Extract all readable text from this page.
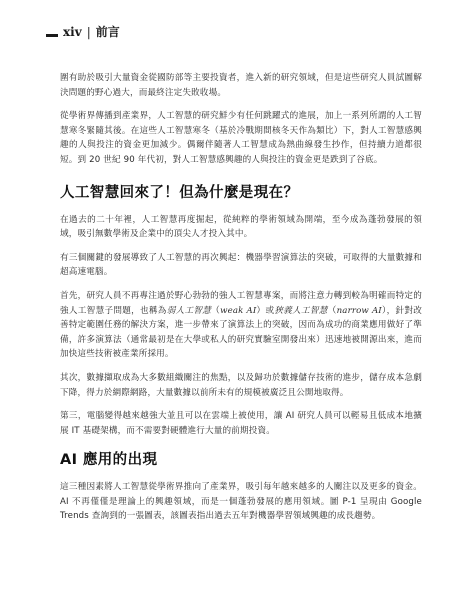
xiv | 前言

圍有助於吸引大量資金從國防部等主要投資者，進入新的研究領域，但是這些研究人員試圖解決問題的野心過大，而最終注定失敗收場。

從學術界傳播到產業界，人工智慧的研究鮮少有任何跳躍式的進展，加上一系列所謂的人工智慧寒冬緊隨其後。在這些人工智慧寒冬（基於冷戰期間核冬天作為類比）下，對人工智慧感興趣的人與投注的資金更加減少。偶爾伴隨著人工智慧成為熱曲線發生抄作，但持續力道都很短。到 20 世紀 90 年代初，對人工智慧感興趣的人與投注的資金更是跌到了谷底。

人工智慧回來了！但為什麼是現在？

在過去的二十年裡，人工智慧再度掘起，從純粹的學術領域為開端，至今成為蓬勃發展的領域，吸引無數學術及企業中的頂尖人才投入其中。

有三個關鍵的發展導致了人工智慧的再次興起：機器學習演算法的突破，可取得的大量數據和超高速電腦。

首先，研究人員不再專注過於野心勃勃的強人工智慧專案，而將注意力轉到較為明確而特定的強人工智慧子問題，也稱為弱人工智慧（weak AI）或狹義人工智慧（narrow AI），針對改善特定範圍任務的解決方案，進一步帶來了演算法上的突破，因而為成功的商業應用做好了準備，許多演算法（通常最初是在大學或私人的研究實驗室開發出來）迅速地被開源出來，進而加快這些技術被產業所採用。

其次，數據擷取成為大多數組織關注的焦點，以及歸功於數據儲存技術的進步，儲存成本急劇下降，得力於網際網路，大量數據以前所未有的規模被廣泛且公開地取得。

第三，電腦變得越來越強大並且可以在雲端上被使用，讓 AI 研究人員可以輕易且低成本地擴展 IT 基礎架構，而不需要對硬體進行大量的前期投資。

AI 應用的出現

這三種因素將人工智慧從學術界推向了產業界，吸引每年越來越多的人關注以及更多的資金。AI 不再僅僅是理論上的興趣領域，而是一個蓬勃發展的應用領域。圖 P-1 呈現由 Google Trends 查詢到的一張圖表，該圖表指出過去五年對機器學習領域興趣的成長趨勢。
